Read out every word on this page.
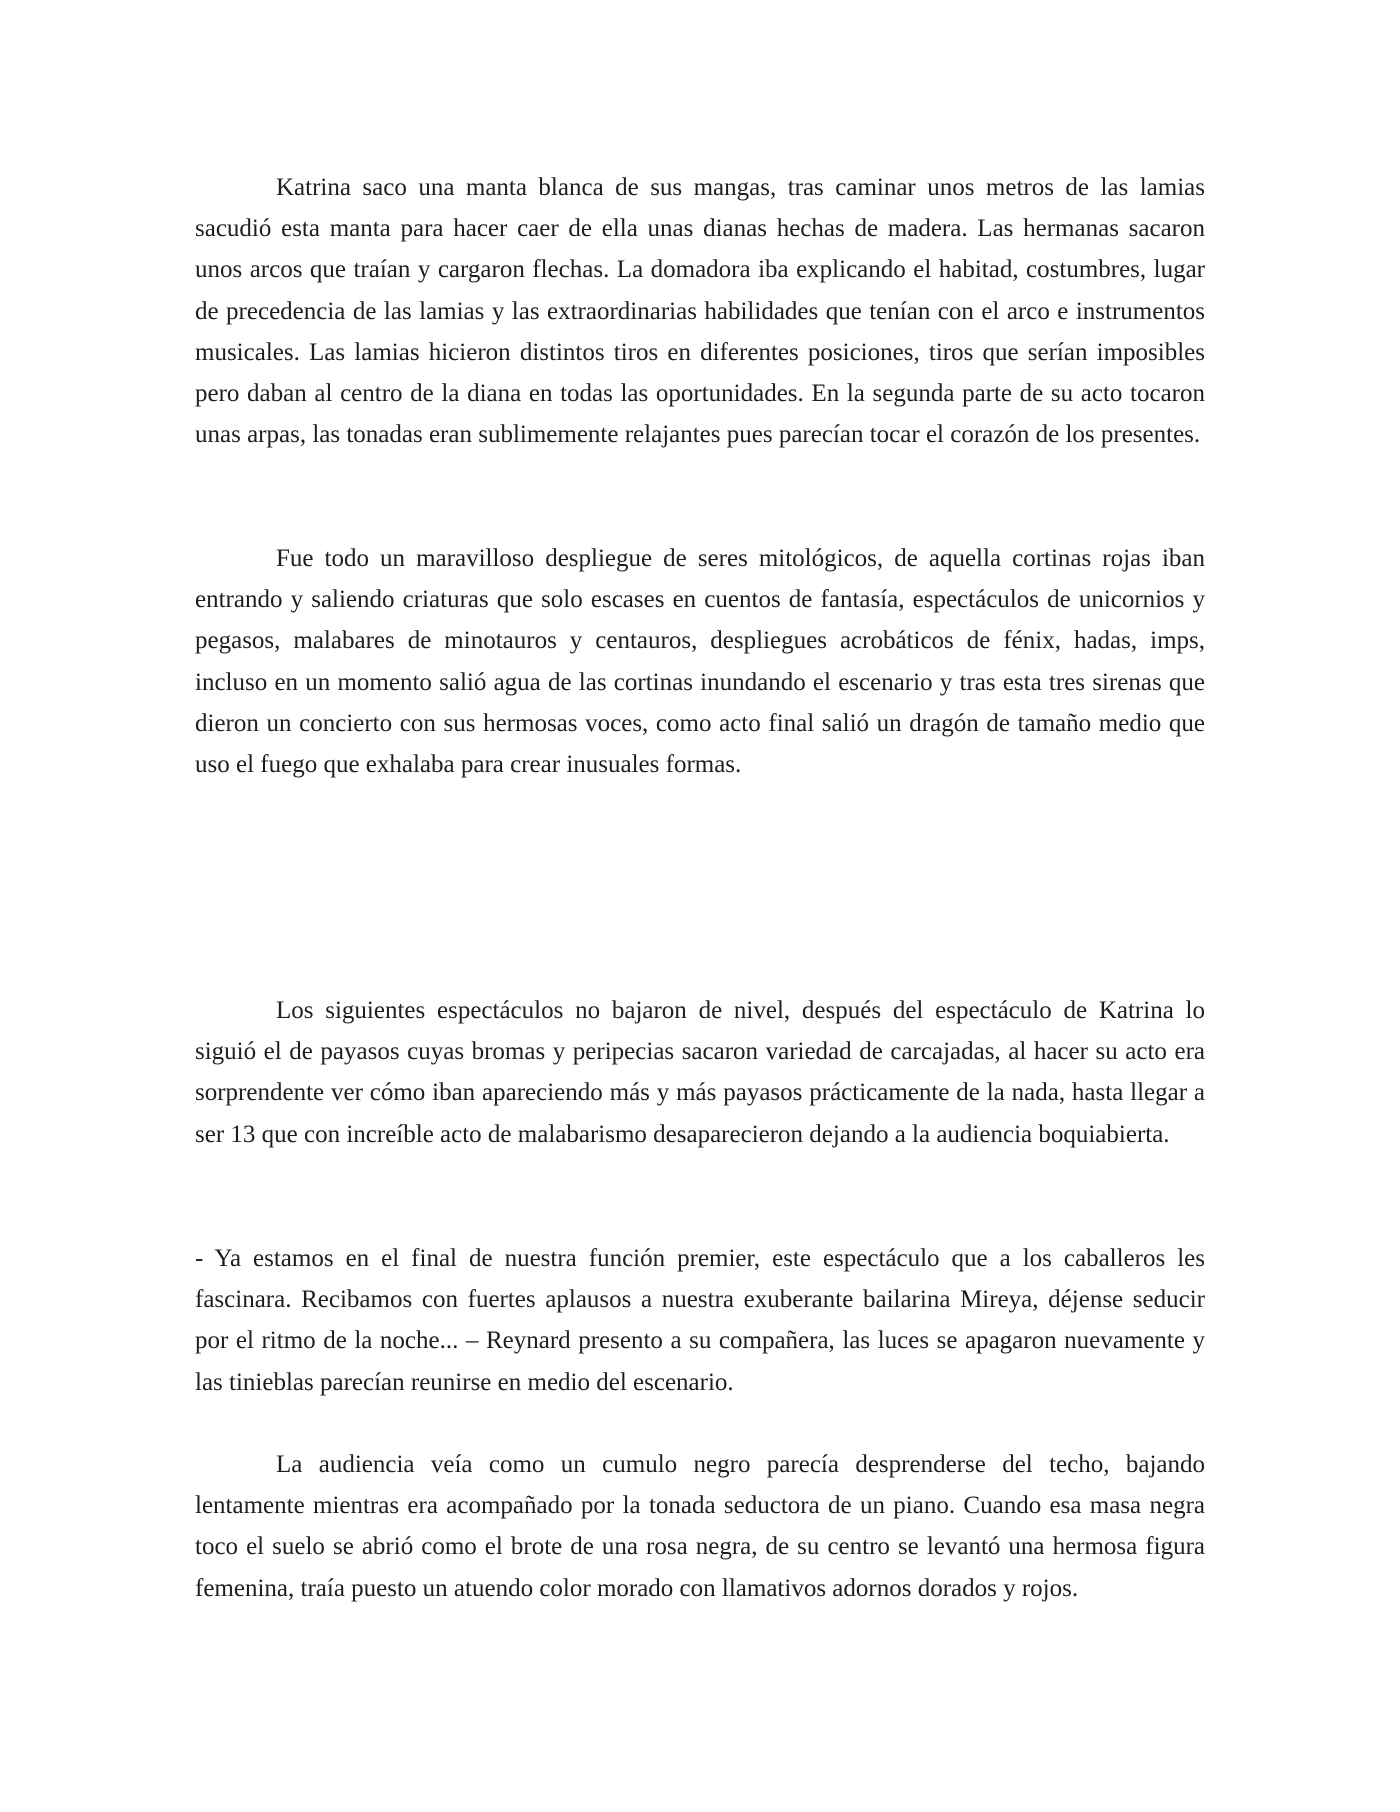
Katrina saco una manta blanca de sus mangas, tras caminar unos metros de las lamias sacudió esta manta para hacer caer de ella unas dianas hechas de madera. Las hermanas sacaron unos arcos que traían y cargaron flechas. La domadora iba explicando el habitad, costumbres, lugar de precedencia de las lamias y las extraordinarias habilidades que tenían con el arco e instrumentos musicales. Las lamias hicieron distintos tiros en diferentes posiciones, tiros que serían imposibles pero daban al centro de la diana en todas las oportunidades. En la segunda parte de su acto tocaron unas arpas, las tonadas eran sublimemente relajantes pues parecían tocar el corazón de los presentes.

Fue todo un maravilloso despliegue de seres mitológicos, de aquella cortinas rojas iban entrando y saliendo criaturas que solo escases en cuentos de fantasía, espectáculos de unicornios y pegasos, malabares de minotauros y centauros, despliegues acrobáticos de fénix, hadas, imps, incluso en un momento salió agua de las cortinas inundando el escenario y tras esta tres sirenas que dieron un concierto con sus hermosas voces, como acto final salió un dragón de tamaño medio que uso el fuego que exhalaba para crear inusuales formas.

Los siguientes espectáculos no bajaron de nivel, después del espectáculo de Katrina lo siguió el de payasos cuyas bromas y peripecias sacaron variedad de carcajadas, al hacer su acto era sorprendente ver cómo iban apareciendo más y más payasos prácticamente de la nada, hasta llegar a ser 13 que con increíble acto de malabarismo desaparecieron dejando a la audiencia boquiabierta.

- Ya estamos en el final de nuestra función premier, este espectáculo que a los caballeros les fascinara. Recibamos con fuertes aplausos a nuestra exuberante bailarina Mireya, déjense seducir por el ritmo de la noche... – Reynard presento a su compañera, las luces se apagaron nuevamente y las tinieblas parecían reunirse en medio del escenario.

La audiencia veía como un cumulo negro parecía desprenderse del techo, bajando lentamente mientras era acompañado por la tonada seductora de un piano. Cuando esa masa negra toco el suelo se abrió como el brote de una rosa negra, de su centro se levantó una hermosa figura femenina, traía puesto un atuendo color morado con llamativos adornos dorados y rojos.
